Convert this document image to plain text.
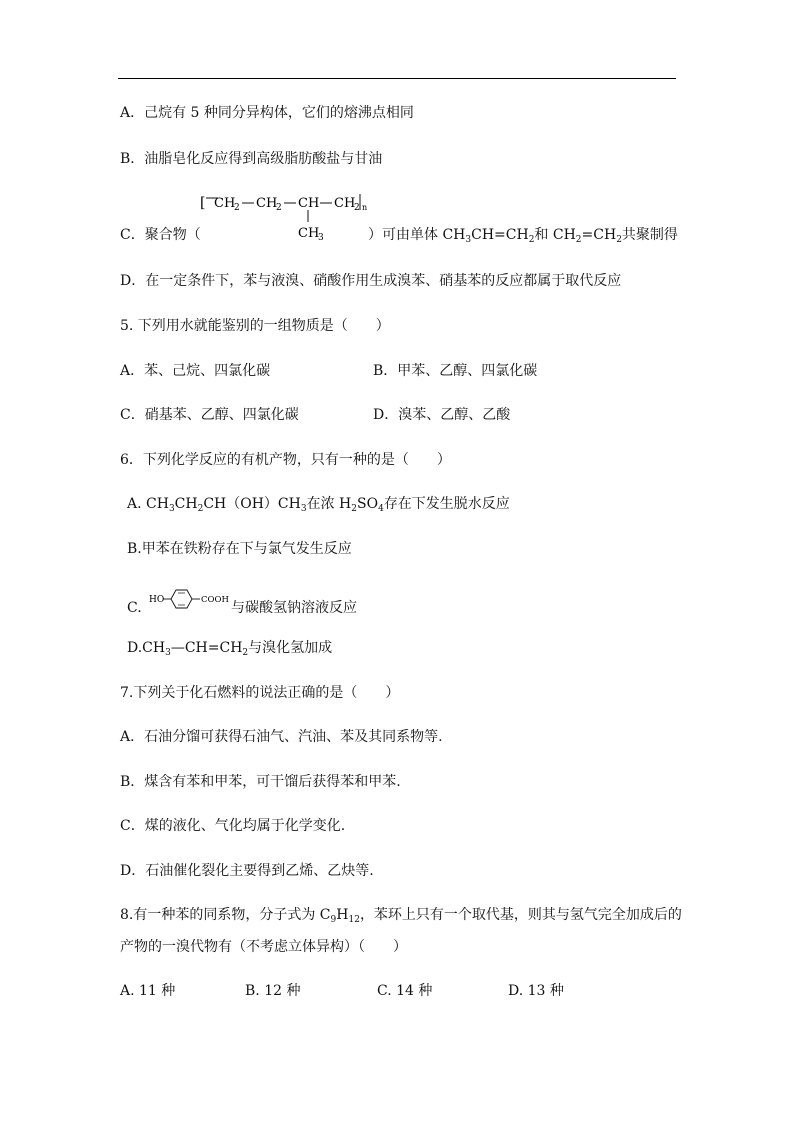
A．己烷有 5 种同分异构体，它们的熔沸点相同
B．油脂皂化反应得到高级脂肪酸盐与甘油
[ CH
2 CH
2 CH CH
2 n
CH
3
C．聚合物（	）可由单体 $CH_3CH=CH_2$和 $CH_2=CH_2$共聚制得
D．在一定条件下，苯与液溴、硝酸作用生成溴苯、硝基苯的反应都属于取代反应
5. 下列用水就能鉴别的一组物质是（　　）
A．苯、己烷、四氯化碳	B．甲苯、乙醇、四氯化碳
C．硝基苯、乙醇、四氯化碳	D．溴苯、乙醇、乙酸
6．下列化学反应的有机产物，只有一种的是（　　）
A. $CH_3CH_2CH(OH)CH_3$在浓 $H_2SO_4$存在下发生脱水反应
B.甲苯在铁粉存在下与氯气发生反应
C. HO	COOH 与碳酸氢钠溶液反应
$D.CH_3—CH=CH_2$与溴化氢加成
7.下列关于化石燃料的说法正确的是（　　）
A．石油分馏可获得石油气、汽油、苯及其同系物等.
B．煤含有苯和甲苯，可干馏后获得苯和甲苯.
C．煤的液化、气化均属于化学变化.
D．石油催化裂化主要得到乙烯、乙炔等.
8.有一种苯的同系物，分子式为 $C_9H_{12}$，苯环上只有一个取代基，则其与氢气完全加成后的
产物的一溴代物有（不考虑立体异构）（　　）
A. 11 种	B. 12 种	C. 14 种	D. 13 种
